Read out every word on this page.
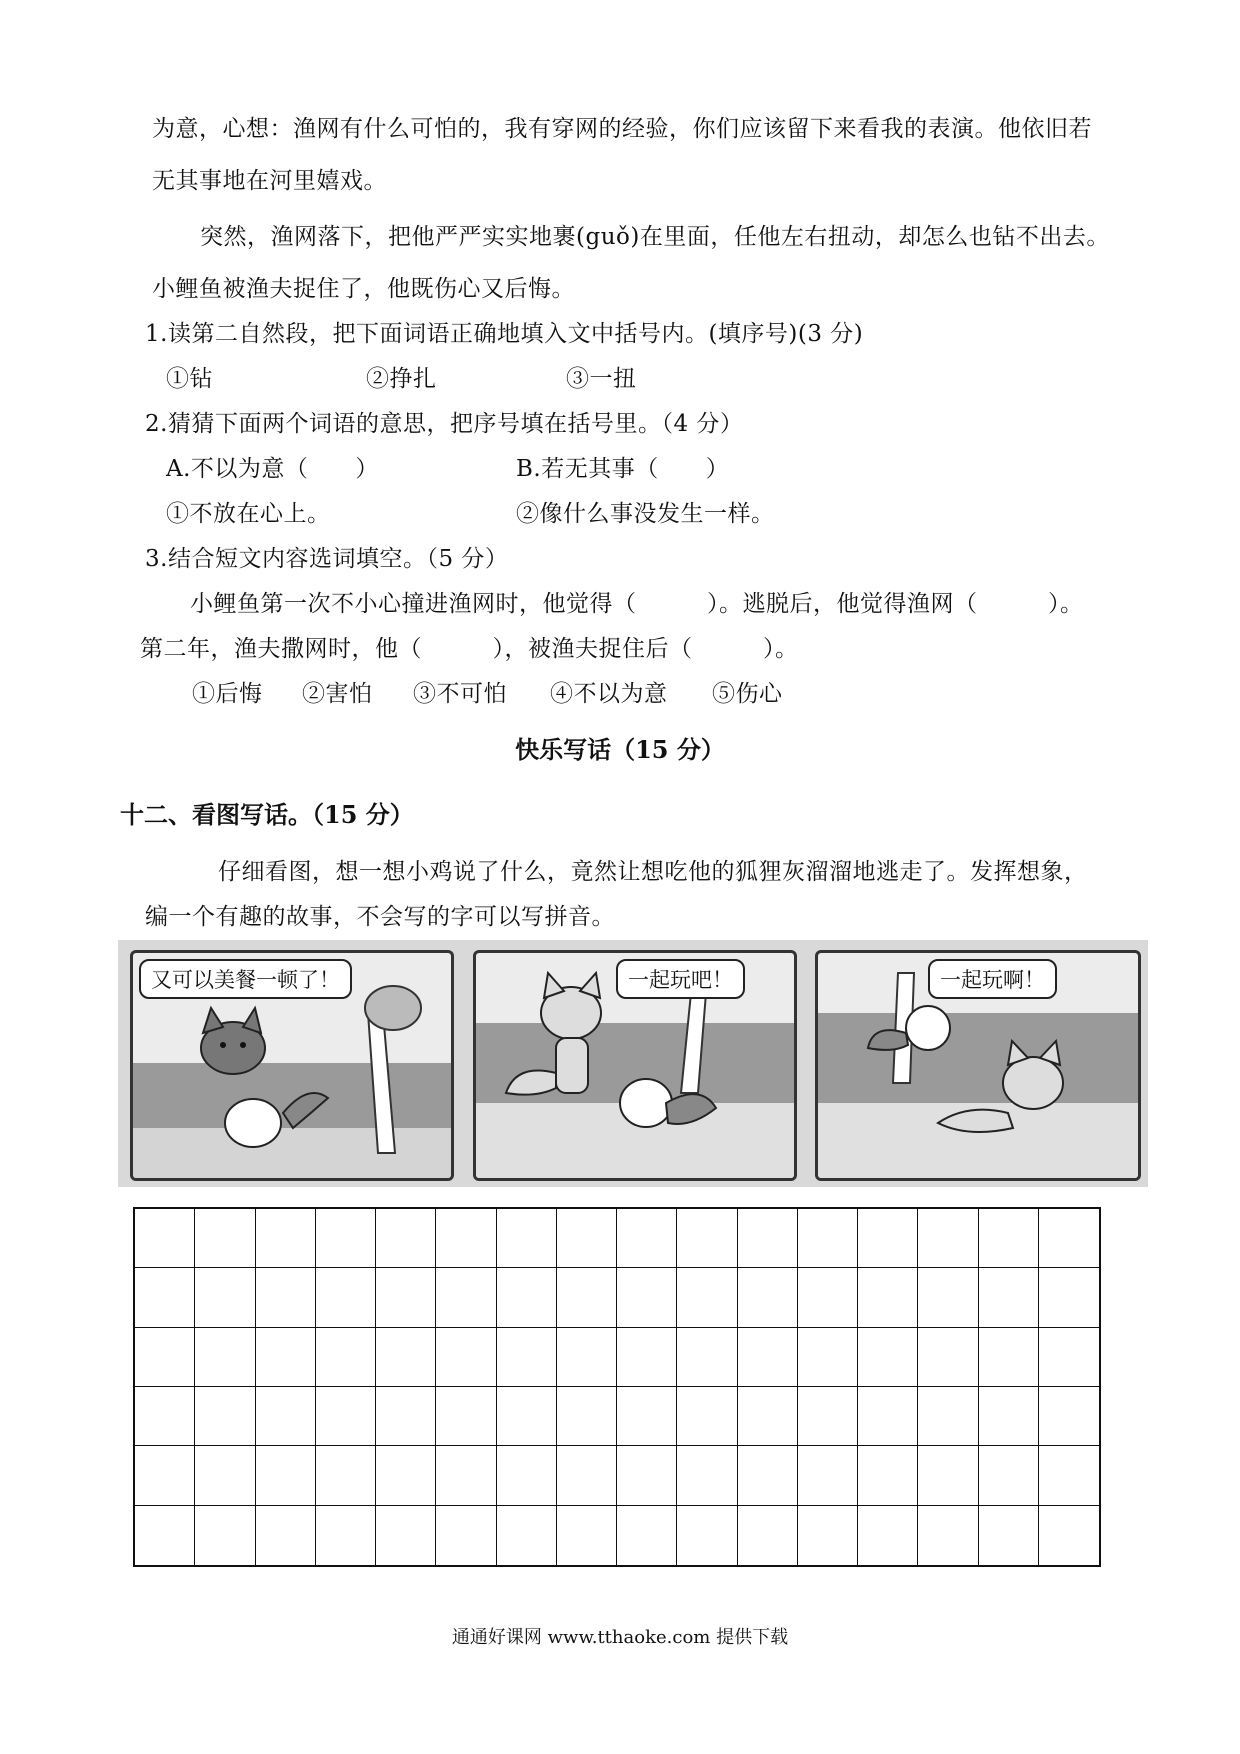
为意，心想：渔网有什么可怕的，我有穿网的经验，你们应该留下来看我的表演。他依旧若
无其事地在河里嬉戏。
突然，渔网落下，把他严严实实地裹(guǒ)在里面，任他左右扭动，却怎么也钻不出去。
小鲤鱼被渔夫捉住了，他既伤心又后悔。
1.读第二自然段，把下面词语正确地填入文中括号内。(填序号)(3 分)
①钻	②挣扎	③一扭
2.猜猜下面两个词语的意思，把序号填在括号里。（4 分）
A.不以为意（　　）	B.若无其事（　　）
①不放在心上。	②像什么事没发生一样。
3.结合短文内容选词填空。（5 分）
小鲤鱼第一次不小心撞进渔网时，他觉得（　　　）。逃脱后，他觉得渔网（　　　）。
第二年，渔夫撒网时，他（　　　），被渔夫捉住后（　　　）。
①后悔 ②害怕 ③不可怕 ④不以为意 ⑤伤心
快乐写话（15 分）
十二、看图写话。（15 分）
仔细看图，想一想小鸡说了什么，竟然让想吃他的狐狸灰溜溜地逃走了。发挥想象，
编一个有趣的故事，不会写的字可以写拼音。
又可以美餐一顿了！	一起玩吧！	一起玩啊！
通通好课网 www.tthaoke.com 提供下载
